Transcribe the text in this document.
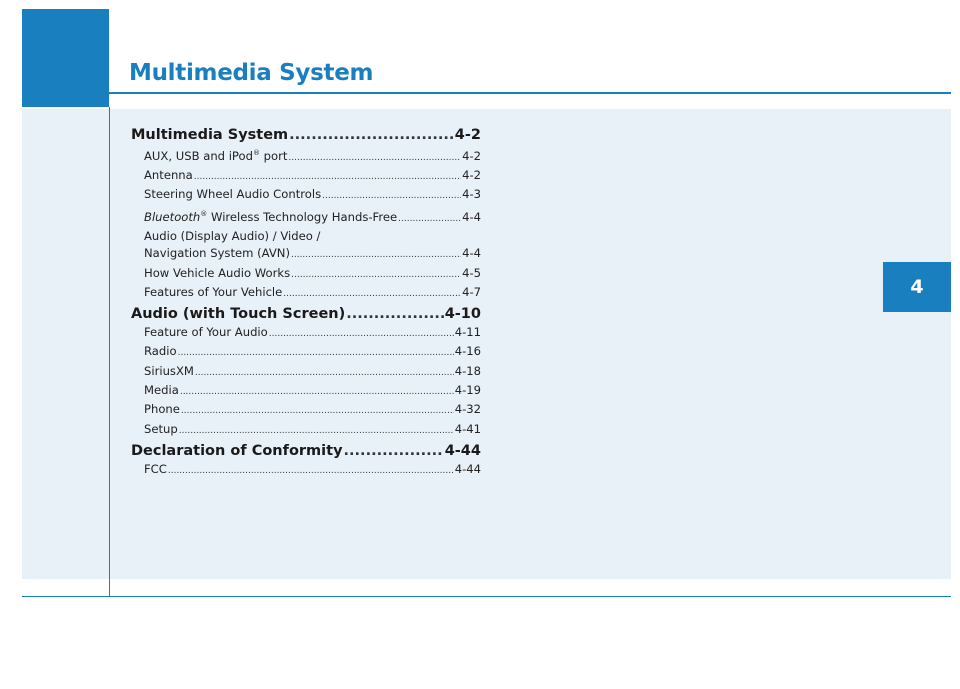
Multimedia System
4
Multimedia System .....	4-2
AUX, USB and iPod® port .....	4-2
Antenna .....	4-2
Steering Wheel Audio Controls .....	4-3
Bluetooth® Wireless Technology Hands-Free .....	4-4
Audio (Display Audio) / Video /
Navigation System (AVN) .....	4-4
How Vehicle Audio Works .....	4-5
Features of Your Vehicle .....	4-7
Audio (with Touch Screen) .....	4-10
Feature of Your Audio .....	4-11
Radio .....	4-16
SiriusXM .....	4-18
Media .....	4-19
Phone .....	4-32
Setup .....	4-41
Declaration of Conformity .....	4-44
FCC .....	4-44
